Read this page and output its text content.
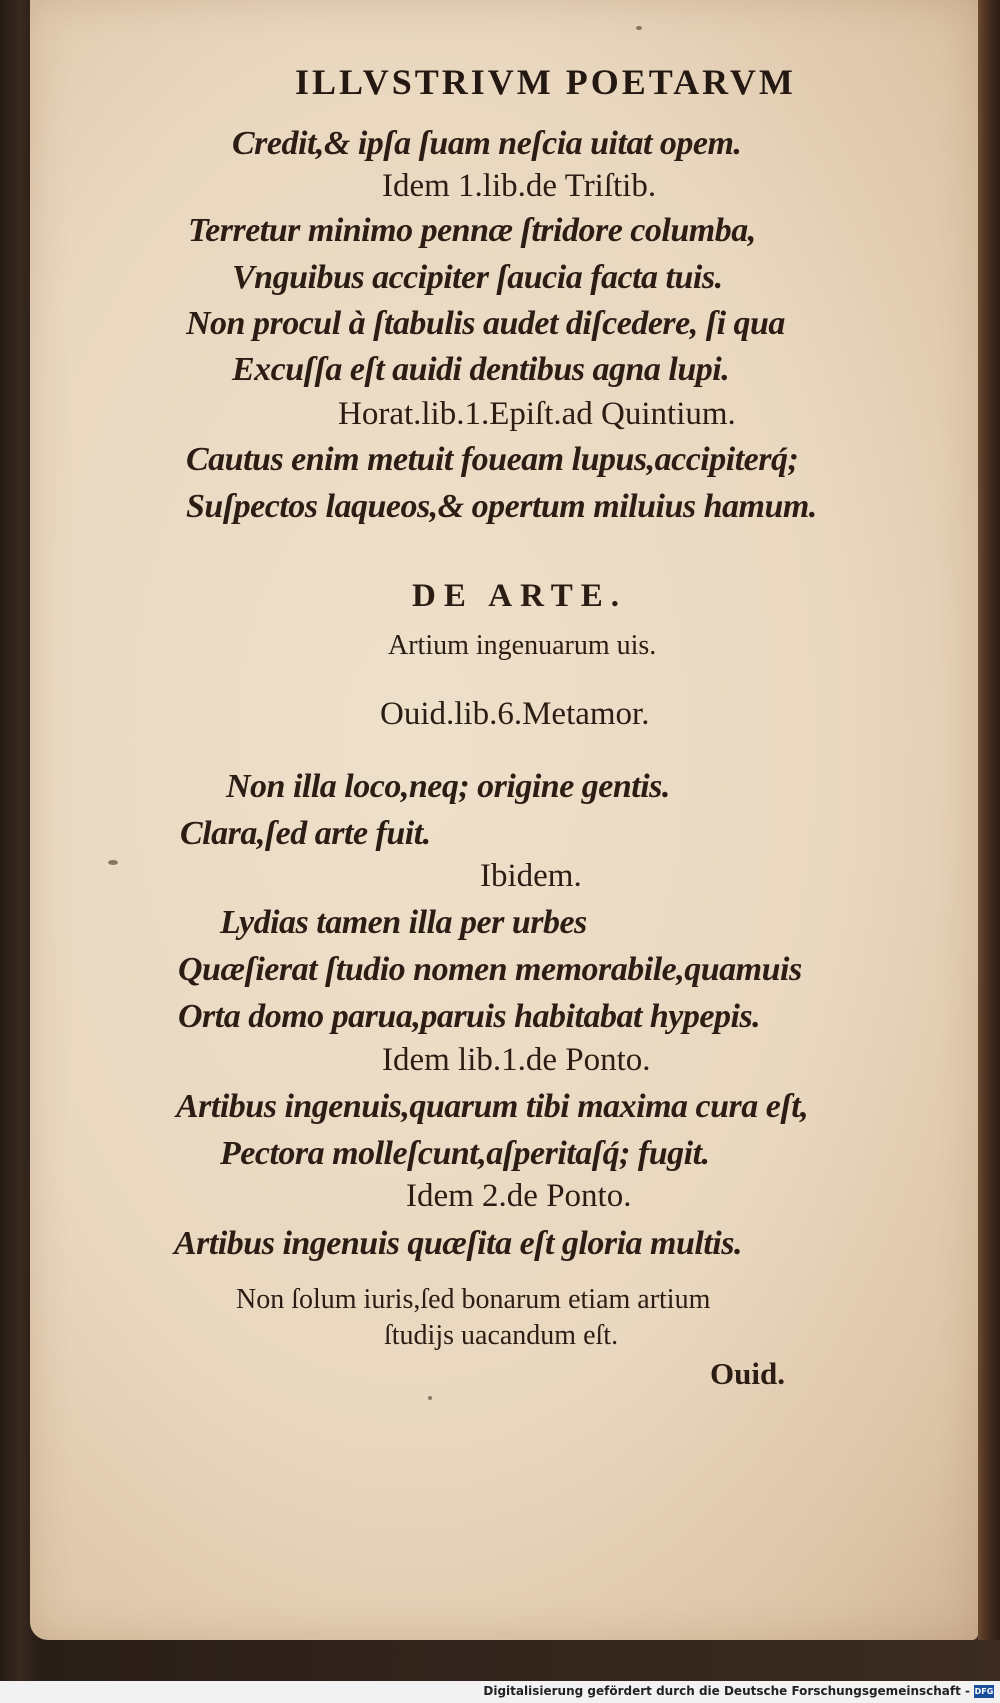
ILLVSTRIVM POETARVM
Credit,& ipſa ſuam neſcia uitat opem.
Idem 1.lib.de Triſtib.
Terretur minimo pennæ ſtridore columba,
Vnguibus accipiter ſaucia facta tuis.
Non procul à ſtabulis audet diſcedere, ſi qua
Excuſſa eſt auidi dentibus agna lupi.
Horat.lib.1.Epiſt.ad Quintium.
Cautus enim metuit foueam lupus,accipiterq́;
Suſpectos laqueos,& opertum miluius hamum.
DE ARTE.
Artium ingenuarum uis.
Ouid.lib.6.Metamor.
Non illa loco,neq; origine gentis.
Clara,ſed arte fuit.
Ibidem.
Lydias tamen illa per urbes
Quæſierat ſtudio nomen memorabile,quamuis
Orta domo parua,paruis habitabat hypepis.
Idem lib.1.de Ponto.
Artibus ingenuis,quarum tibi maxima cura eſt,
Pectora molleſcunt,aſperitaſq́; fugit.
Idem 2.de Ponto.
Artibus ingenuis quæſita eſt gloria multis.
Non ſolum iuris,ſed bonarum etiam artium
ſtudijs uacandum eſt.
Ouid.
Digitalisierung gefördert durch die Deutsche Forschungsgemeinschaft - DFG
